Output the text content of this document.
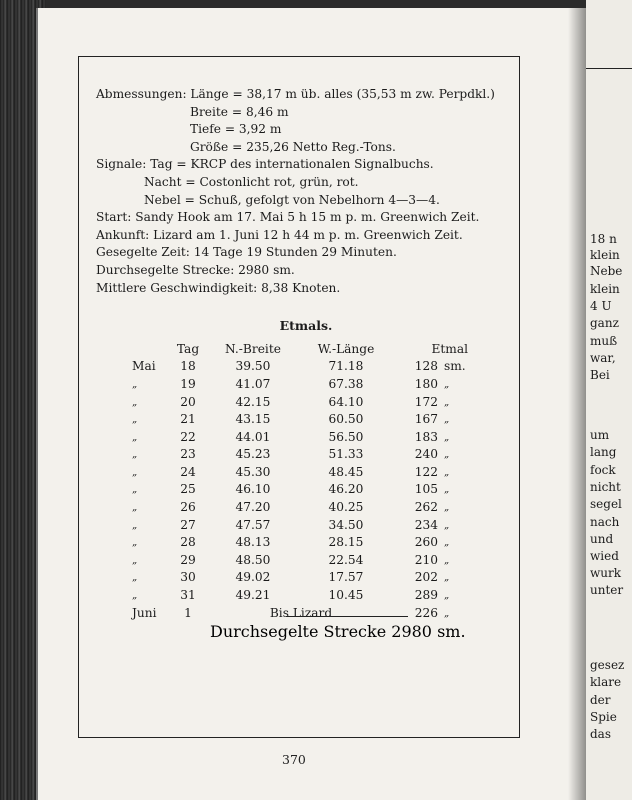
Abmessungen: Länge = 38,17 m üb. alles (35,53 m zw. Perpdkl.)
Breite = 8,46 m
Tiefe = 3,92 m
Größe = 235,26 Netto Reg.-Tons.
Signale: Tag = KRCP des internationalen Signalbuchs.
Nacht = Costonlicht rot, grün, rot.
Nebel = Schuß, gefolgt von Nebelhorn 4—3—4.
Start: Sandy Hook am 17. Mai 5 h 15 m p. m. Greenwich Zeit.
Ankunft: Lizard am 1. Juni 12 h 44 m p. m. Greenwich Zeit.
Gesegelte Zeit: 14 Tage 19 Stunden 29 Minuten.
Durchsegelte Strecke: 2980 sm.
Mittlere Geschwindigkeit: 8,38 Knoten.
Etmals.
	Tag	N.-Breite	W.-Länge	Etmal	
Mai	18	39.50	71.18	128	sm.
„	19	41.07	67.38	180	„
„	20	42.15	64.10	172	„
„	21	43.15	60.50	167	„
„	22	44.01	56.50	183	„
„	23	45.23	51.33	240	„
„	24	45.30	48.45	122	„
„	25	46.10	46.20	105	„
„	26	47.20	40.25	262	„
„	27	47.57	34.50	234	„
„	28	48.13	28.15	260	„
„	29	48.50	22.54	210	„
„	30	49.02	17.57	202	„
„	31	49.21	10.45	289	„
Juni	1	Bis Lizard		226	„
Durchsegelte Strecke 2980 sm.
370
18 n
klein
Nebe
klein
4 U
ganz
muß
war,
Bei
um
lang
fock
nicht
segel
nach
und
wied
wurk
unter
gesez
klare
der
Spie
das
